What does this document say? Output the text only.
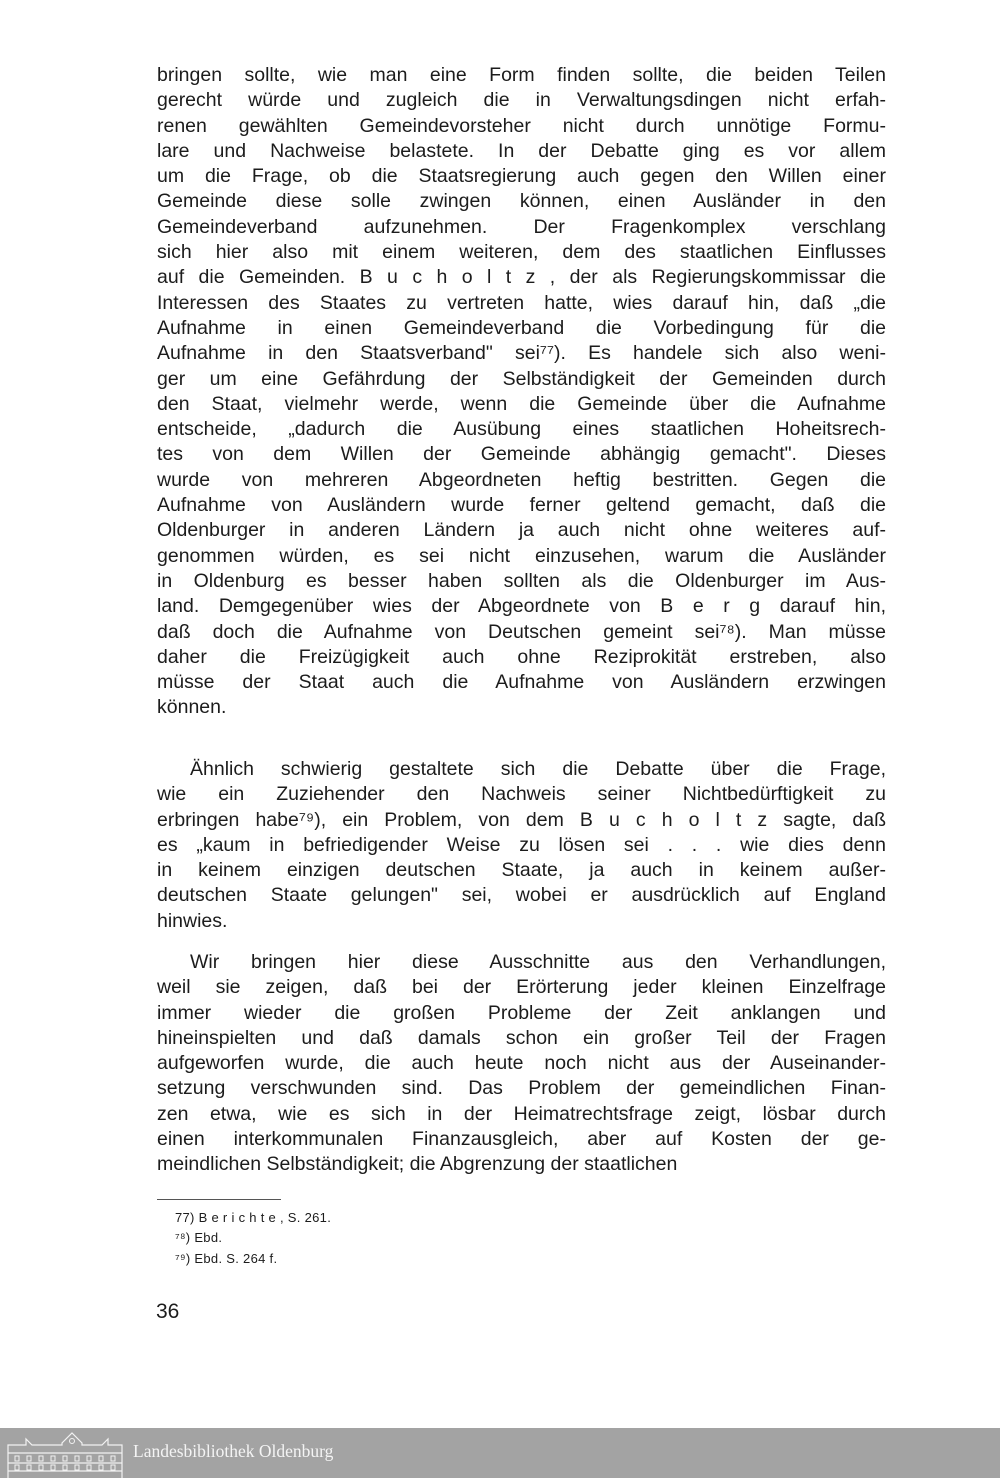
bringen sollte, wie man eine Form finden sollte, die beiden Teilen
gerecht würde und zugleich die in Verwaltungsdingen nicht erfah-
renen gewählten Gemeindevorsteher nicht durch unnötige Formu-
lare und Nachweise belastete. In der Debatte ging es vor allem
um die Frage, ob die Staatsregierung auch gegen den Willen einer
Gemeinde diese solle zwingen können, einen Ausländer in den
Gemeindeverband aufzunehmen. Der Fragenkomplex verschlang
sich hier also mit einem weiteren, dem des staatlichen Einflusses
auf die Gemeinden. B u c h o l t z , der als Regierungskommissar die
Interessen des Staates zu vertreten hatte, wies darauf hin, daß „die
Aufnahme in einen Gemeindeverband die Vorbedingung für die
Aufnahme in den Staatsverband" sei⁷⁷). Es handele sich also weni-
ger um eine Gefährdung der Selbständigkeit der Gemeinden durch
den Staat, vielmehr werde, wenn die Gemeinde über die Aufnahme
entscheide, „dadurch die Ausübung eines staatlichen Hoheitsrech-
tes von dem Willen der Gemeinde abhängig gemacht". Dieses
wurde von mehreren Abgeordneten heftig bestritten. Gegen die
Aufnahme von Ausländern wurde ferner geltend gemacht, daß die
Oldenburger in anderen Ländern ja auch nicht ohne weiteres auf-
genommen würden, es sei nicht einzusehen, warum die Ausländer
in Oldenburg es besser haben sollten als die Oldenburger im Aus-
land. Demgegenüber wies der Abgeordnete von B e r g darauf hin,
daß doch die Aufnahme von Deutschen gemeint sei⁷⁸). Man müsse
daher die Freizügigkeit auch ohne Reziprokität erstreben, also
müsse der Staat auch die Aufnahme von Ausländern erzwingen
können.
Ähnlich schwierig gestaltete sich die Debatte über die Frage,
wie ein Zuziehender den Nachweis seiner Nichtbedürftigkeit zu
erbringen habe⁷⁹), ein Problem, von dem B u c h o l t z sagte, daß
es „kaum in befriedigender Weise zu lösen sei . . . wie dies denn
in keinem einzigen deutschen Staate, ja auch in keinem außer-
deutschen Staate gelungen" sei, wobei er ausdrücklich auf England
hinwies.
Wir bringen hier diese Ausschnitte aus den Verhandlungen,
weil sie zeigen, daß bei der Erörterung jeder kleinen Einzelfrage
immer wieder die großen Probleme der Zeit anklangen und
hineinspielten und daß damals schon ein großer Teil der Fragen
aufgeworfen wurde, die auch heute noch nicht aus der Auseinander-
setzung verschwunden sind. Das Problem der gemeindlichen Finan-
zen etwa, wie es sich in der Heimatrechtsfrage zeigt, lösbar durch
einen interkommunalen Finanzausgleich, aber auf Kosten der ge-
meindlichen Selbständigkeit; die Abgrenzung der staatlichen
77) B e r i c h t e , S. 261.
⁷⁸) Ebd.
⁷⁹) Ebd. S. 264 f.
36
Landesbibliothek Oldenburg
